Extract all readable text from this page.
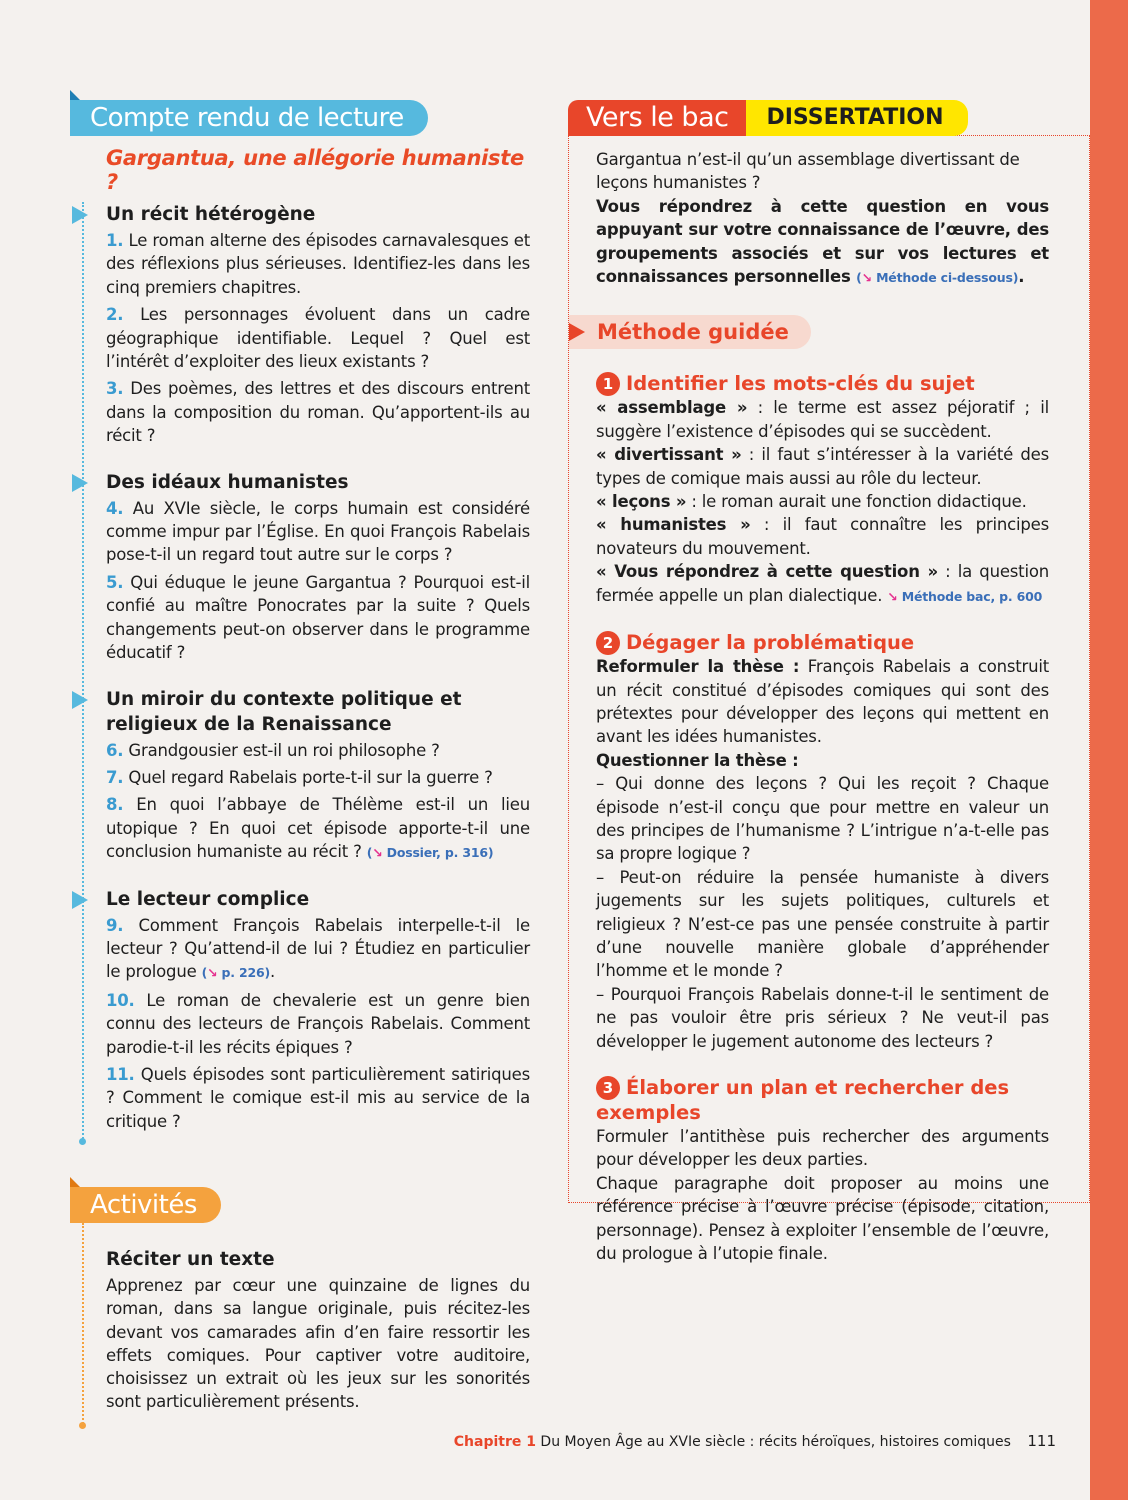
Compte rendu de lecture
Gargantua, une allégorie humaniste ?
Un récit hétérogène

1. Le roman alterne des épisodes carnavalesques et des réflexions plus sérieuses. Identifiez-les dans les cinq premiers chapitres.

2. Les personnages évoluent dans un cadre géographique identifiable. Lequel ? Quel est l’intérêt d’exploiter des lieux existants ?

3. Des poèmes, des lettres et des discours entrent dans la composition du roman. Qu’apportent-ils au récit ?

Des idéaux humanistes

4. Au XVIe siècle, le corps humain est considéré comme impur par l’Église. En quoi François Rabelais pose-t-il un regard tout autre sur le corps ?

5. Qui éduque le jeune Gargantua ? Pourquoi est-il confié au maître Ponocrates par la suite ? Quels changements peut-on observer dans le programme éducatif ?

Un miroir du contexte politique et religieux de la Renaissance

6. Grandgousier est-il un roi philosophe ?

7. Quel regard Rabelais porte-t-il sur la guerre ?

8. En quoi l’abbaye de Thélème est-il un lieu utopique ? En quoi cet épisode apporte-t-il une conclusion humaniste au récit ? (↘ Dossier, p. 316)

Le lecteur complice

9. Comment François Rabelais interpelle-t-il le lecteur ? Qu’attend-il de lui ? Étudiez en particulier le prologue (↘ p. 226).

10. Le roman de chevalerie est un genre bien connu des lecteurs de François Rabelais. Comment parodie-t-il les récits épiques ?

11. Quels épisodes sont particulièrement satiriques ? Comment le comique est-il mis au service de la critique ?

Activités
Réciter un texte

Apprenez par cœur une quinzaine de lignes du roman, dans sa langue originale, puis récitez-les devant vos camarades afin d’en faire ressortir les effets comiques. Pour captiver votre auditoire, choisissez un extrait où les jeux sur les sonorités sont particulièrement présents.

Vers le bac	DISSERTATION

Gargantua n’est-il qu’un assemblage divertissant de leçons humanistes ?

Vous répondrez à cette question en vous appuyant sur votre connaissance de l’œuvre, des groupements associés et sur vos lectures et connaissances personnelles (↘ Méthode ci-dessous).

Méthode guidée
1 Identifier les mots-clés du sujet

« assemblage » : le terme est assez péjoratif ; il suggère l’existence d’épisodes qui se succèdent.

« divertissant » : il faut s’intéresser à la variété des types de comique mais aussi au rôle du lecteur.

« leçons » : le roman aurait une fonction didactique.

« humanistes » : il faut connaître les principes novateurs du mouvement.

« Vous répondrez à cette question » : la question fermée appelle un plan dialectique. ↘ Méthode bac, p. 600

2 Dégager la problématique

Reformuler la thèse : François Rabelais a construit un récit constitué d’épisodes comiques qui sont des prétextes pour développer des leçons qui mettent en avant les idées humanistes.

Questionner la thèse :

– Qui donne des leçons ? Qui les reçoit ? Chaque épisode n’est-il conçu que pour mettre en valeur un des principes de l’humanisme ? L’intrigue n’a-t-elle pas sa propre logique ?

– Peut-on réduire la pensée humaniste à divers jugements sur les sujets politiques, culturels et religieux ? N’est-ce pas une pensée construite à partir d’une nouvelle manière globale d’appréhender l’homme et le monde ?

– Pourquoi François Rabelais donne-t-il le sentiment de ne pas vouloir être pris sérieux ? Ne veut-il pas développer le jugement autonome des lecteurs ?

3 Élaborer un plan et rechercher des exemples

Formuler l’antithèse puis rechercher des arguments pour développer les deux parties.

Chaque paragraphe doit proposer au moins une référence précise à l’œuvre précise (épisode, citation, personnage). Pensez à exploiter l’ensemble de l’œuvre, du prologue à l’utopie finale.

Chapitre 1 Du Moyen Âge au XVIe siècle : récits héroïques, histoires comiques 111
